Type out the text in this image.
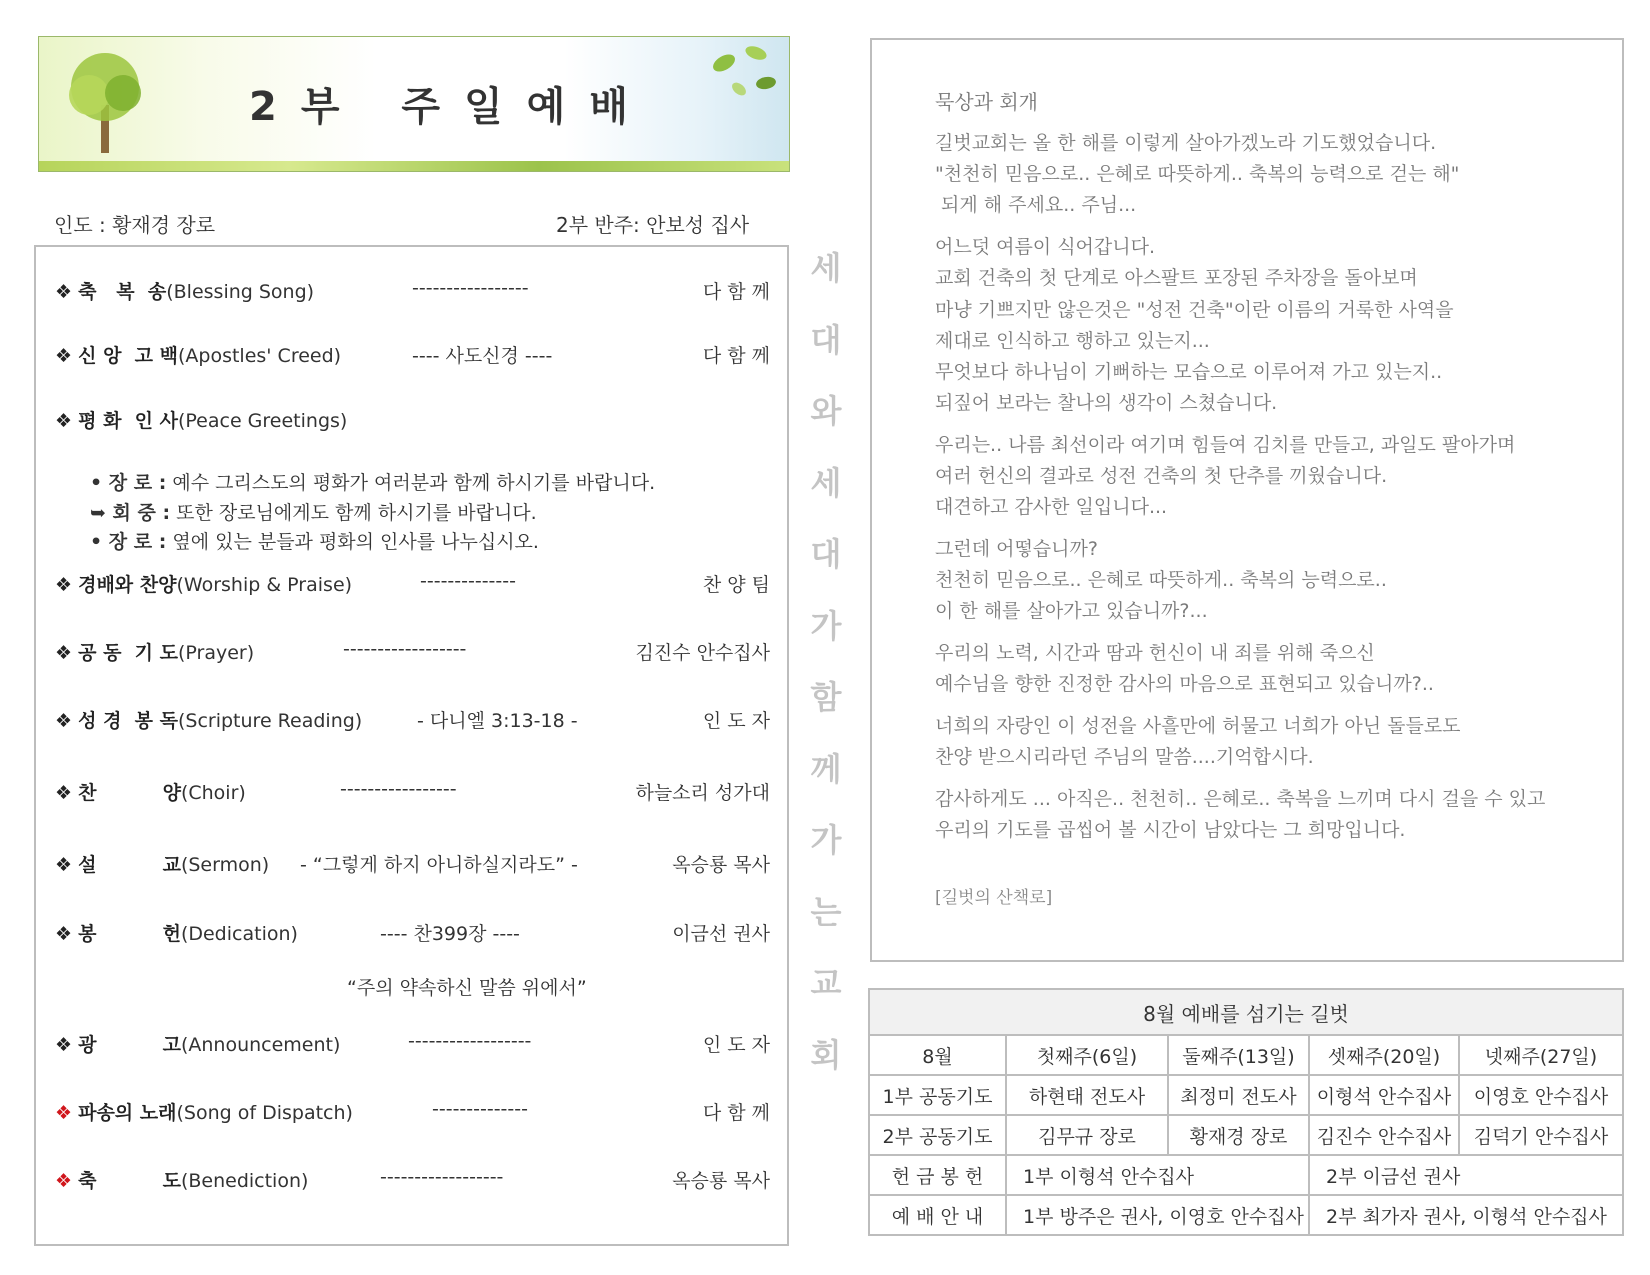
2부 주일예배
인도 : 황재경 장로	2부 반주: 안보성 집사
❖ 축   복  송(Blessing Song)	-----------------	다 함 께
❖ 신 앙  고 백(Apostles' Creed)	---- 사도신경 ----	다 함 께
❖ 평 화  인 사(Peace Greetings)
❖ 경배와 찬양(Worship & Praise)	--------------	찬 양 팀
❖ 공 동  기 도(Prayer)	------------------	김진수 안수집사
❖ 성 경  봉 독(Scripture Reading)	- 다니엘 3:13-18 -	인 도 자
❖ 찬          양(Choir)	-----------------	하늘소리 성가대
❖ 설          교(Sermon) - “그렇게 하지 아니하실지라도” -	옥승룡 목사
❖ 봉          헌(Dedication)	---- 찬399장 ----	이금선 권사
❖ 광          고(Announcement)	------------------	인 도 자
❖ 파송의 노래(Song of Dispatch)	--------------	다 함 께
❖ 축          도(Benediction)	------------------	옥승룡 목사
• 장 로 : 예수 그리스도의 평화가 여러분과 함께 하시기를 바랍니다.
➥ 회 중 : 또한 장로님에게도 함께 하시기를 바랍니다.
• 장 로 : 옆에 있는 분들과 평화의 인사를 나누십시오.
“주의 약속하신 말씀 위에서”
세
대
와
세
대
가
함
께
가
는
교
회
묵상과 회개
길벗교회는 올 한 해를 이렇게 살아가겠노라 기도했었습니다.
"천천히 믿음으로.. 은혜로 따뜻하게.. 축복의 능력으로 걷는 해"
되게 해 주세요.. 주님...
어느덧 여름이 식어갑니다.
교회 건축의 첫 단계로 아스팔트 포장된 주차장을 돌아보며
마냥 기쁘지만 않은것은 "성전 건축"이란 이름의 거룩한 사역을
제대로 인식하고 행하고 있는지...
무엇보다 하나님이 기뻐하는 모습으로 이루어져 가고 있는지..
되짚어 보라는 찰나의 생각이 스쳤습니다.
우리는.. 나름 최선이라 여기며 힘들여 김치를 만들고, 과일도 팔아가며
여러 헌신의 결과로 성전 건축의 첫 단추를 끼웠습니다.
대견하고 감사한 일입니다...
그런데 어떻습니까?
천천히 믿음으로.. 은혜로 따뜻하게.. 축복의 능력으로..
이 한 해를 살아가고 있습니까?...
우리의 노력, 시간과 땀과 헌신이 내 죄를 위해 죽으신
예수님을 향한 진정한 감사의 마음으로 표현되고 있습니까?..
너희의 자랑인 이 성전을 사흘만에 허물고 너희가 아닌 돌들로도
찬양 받으시리라던 주님의 말씀....기억합시다.
감사하게도 ... 아직은.. 천천히.. 은혜로.. 축복을 느끼며 다시 걸을 수 있고
우리의 기도를 곱씹어 볼 시간이 남았다는 그 희망입니다.
[길벗의 산책로]
8월 예배를 섬기는 길벗				
8월	첫째주(6일)	둘째주(13일)	셋째주(20일)	넷째주(27일)
1부 공동기도	하현태 전도사	최정미 전도사	이형석 안수집사	이영호 안수집사
2부 공동기도	김무규 장로	황재경 장로	김진수 안수집사	김덕기 안수집사
헌 금 봉 헌	1부 이형석 안수집사		2부 이금선 권사	
예 배 안 내	1부 방주은 권사, 이영호 안수집사		2부 최가자 권사, 이형석 안수집사	
